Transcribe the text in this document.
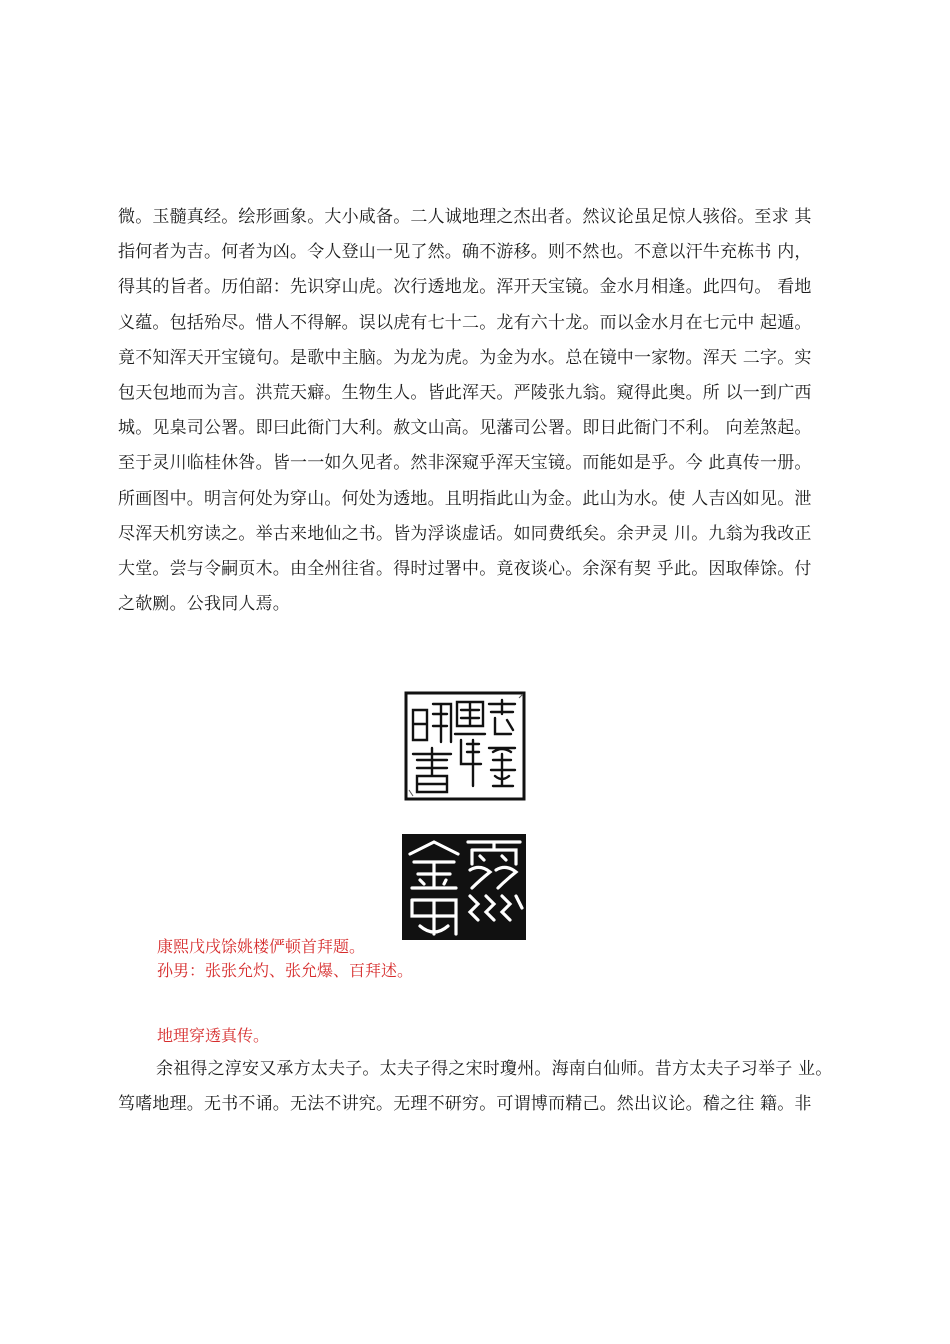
微。玉髓真经。绘形画象。大小咸备。二人诚地理之杰出者。然议论虽足惊人骇俗。至求 其
指何者为吉。何者为凶。令人登山一见了然。确不游移。则不然也。不意以汗牛充栋书 内，
得其的旨者。历伯韶：先识穿山虎。次行透地龙。浑开天宝镜。金水月相逢。此四句。 看地
义蕴。包括殆尽。惜人不得解。误以虎有七十二。龙有六十龙。而以金水月在七元中 起遁。
竟不知浑天开宝镜句。是歌中主脑。为龙为虎。为金为水。总在镜中一家物。浑天 二字。实
包天包地而为言。洪荒天癖。生物生人。皆此浑天。严陵张九翁。窥得此奥。所 以一到广西
城。见臬司公署。即曰此衙门大利。赦文山高。见藩司公署。即日此衙门不利。 向差煞起。
至于灵川临桂休咎。皆一一如久见者。然非深窥乎浑天宝镜。而能如是乎。今 此真传一册。
所画图中。明言何处为穿山。何处为透地。且明指此山为金。此山为水。使 人吉凶如见。泄
尽浑天机穷读之。举古来地仙之书。皆为浮谈虚话。如同费纸矣。余尹灵 川。九翁为我改正
大堂。尝与令嗣页木。由全州往省。得时过署中。竟夜谈心。余深有契 乎此。因取俸馀。付
之欹劂。公我同人焉。
康熙戊戌馀姚楼俨顿首拜题。
孙男：张张允灼、张允爆、百拜述。
地理穿透真传。
余祖得之淳安又承方太夫子。太夫子得之宋时瓊州。海南白仙师。昔方太夫子习举子 业。
笃嗜地理。无书不诵。无法不讲究。无理不研穷。可谓博而精己。然出议论。稽之往 籍。非
